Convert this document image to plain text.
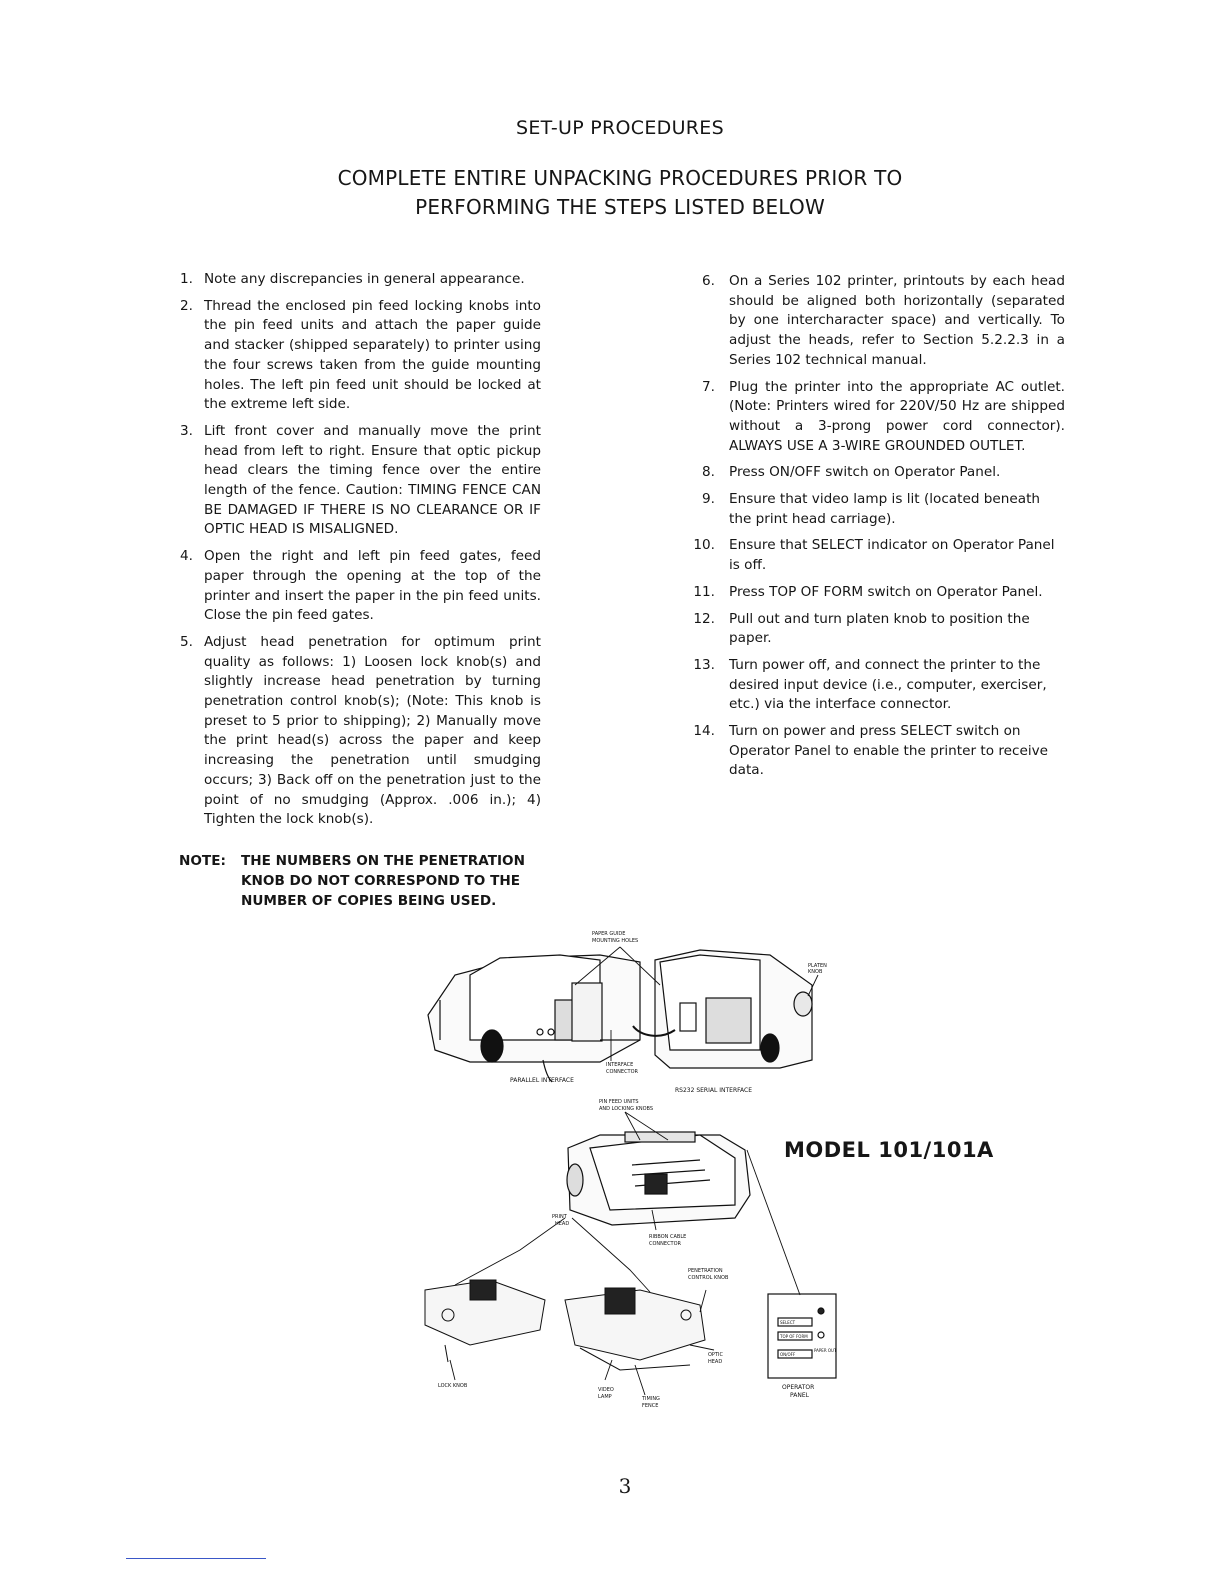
SET-UP PROCEDURES
COMPLETE ENTIRE UNPACKING PROCEDURES PRIOR TO
PERFORMING THE STEPS LISTED BELOW
1. Note any discrepancies in general appearance.
2. Thread the enclosed pin feed locking knobs into the pin feed units and attach the paper guide and stacker (shipped separately) to printer using the four screws taken from the guide mounting holes. The left pin feed unit should be locked at the extreme left side.
3. Lift front cover and manually move the print head from left to right. Ensure that optic pickup head clears the timing fence over the entire length of the fence. Caution: TIMING FENCE CAN BE DAMAGED IF THERE IS NO CLEARANCE OR IF OPTIC HEAD IS MISALIGNED.
4. Open the right and left pin feed gates, feed paper through the opening at the top of the printer and insert the paper in the pin feed units. Close the pin feed gates.
5. Adjust head penetration for optimum print quality as follows: 1) Loosen lock knob(s) and slightly increase head penetration by turning penetration control knob(s); (Note: This knob is preset to 5 prior to shipping); 2) Manually move the print head(s) across the paper and keep increasing the penetration until smudging occurs; 3) Back off on the penetration just to the point of no smudging (Approx. .006 in.); 4) Tighten the lock knob(s).
6. On a Series 102 printer, printouts by each head should be aligned both horizontally (separated by one intercharacter space) and vertically. To adjust the heads, refer to Section 5.2.2.3 in a Series 102 technical manual.
7. Plug the printer into the appropriate AC outlet. (Note: Printers wired for 220V/50 Hz are shipped without a 3-prong power cord connector). ALWAYS USE A 3-WIRE GROUNDED OUTLET.
8. Press ON/OFF switch on Operator Panel.
9. Ensure that video lamp is lit (located beneath the print head carriage).
10. Ensure that SELECT indicator on Operator Panel is off.
11. Press TOP OF FORM switch on Operator Panel.
12. Pull out and turn platen knob to position the paper.
13. Turn power off, and connect the printer to the desired input device (i.e., computer, exerciser, etc.) via the interface connector.
14. Turn on power and press SELECT switch on Operator Panel to enable the printer to receive data.
NOTE: THE NUMBERS ON THE PENETRATION KNOB DO NOT CORRESPOND TO THE NUMBER OF COPIES BEING USED.
PAPER GUIDE
MOUNTING HOLES
PLATEN
KNOB
INTERFACE
CONNECTOR
PARALLEL INTERFACE
RS232 SERIAL INTERFACE
PIN FEED UNITS
AND LOCKING KNOBS
PRINT
HEAD
RIBBON CABLE
CONNECTOR
PENETRATION
CONTROL KNOB
OPTIC
HEAD
LOCK KNOB
VIDEO
LAMP	TIMING
FENCE
OPERATOR
PANEL
SELECT
TOP OF FORM
ON/OFF
PAPER OUT
MODEL 101/101A
3
